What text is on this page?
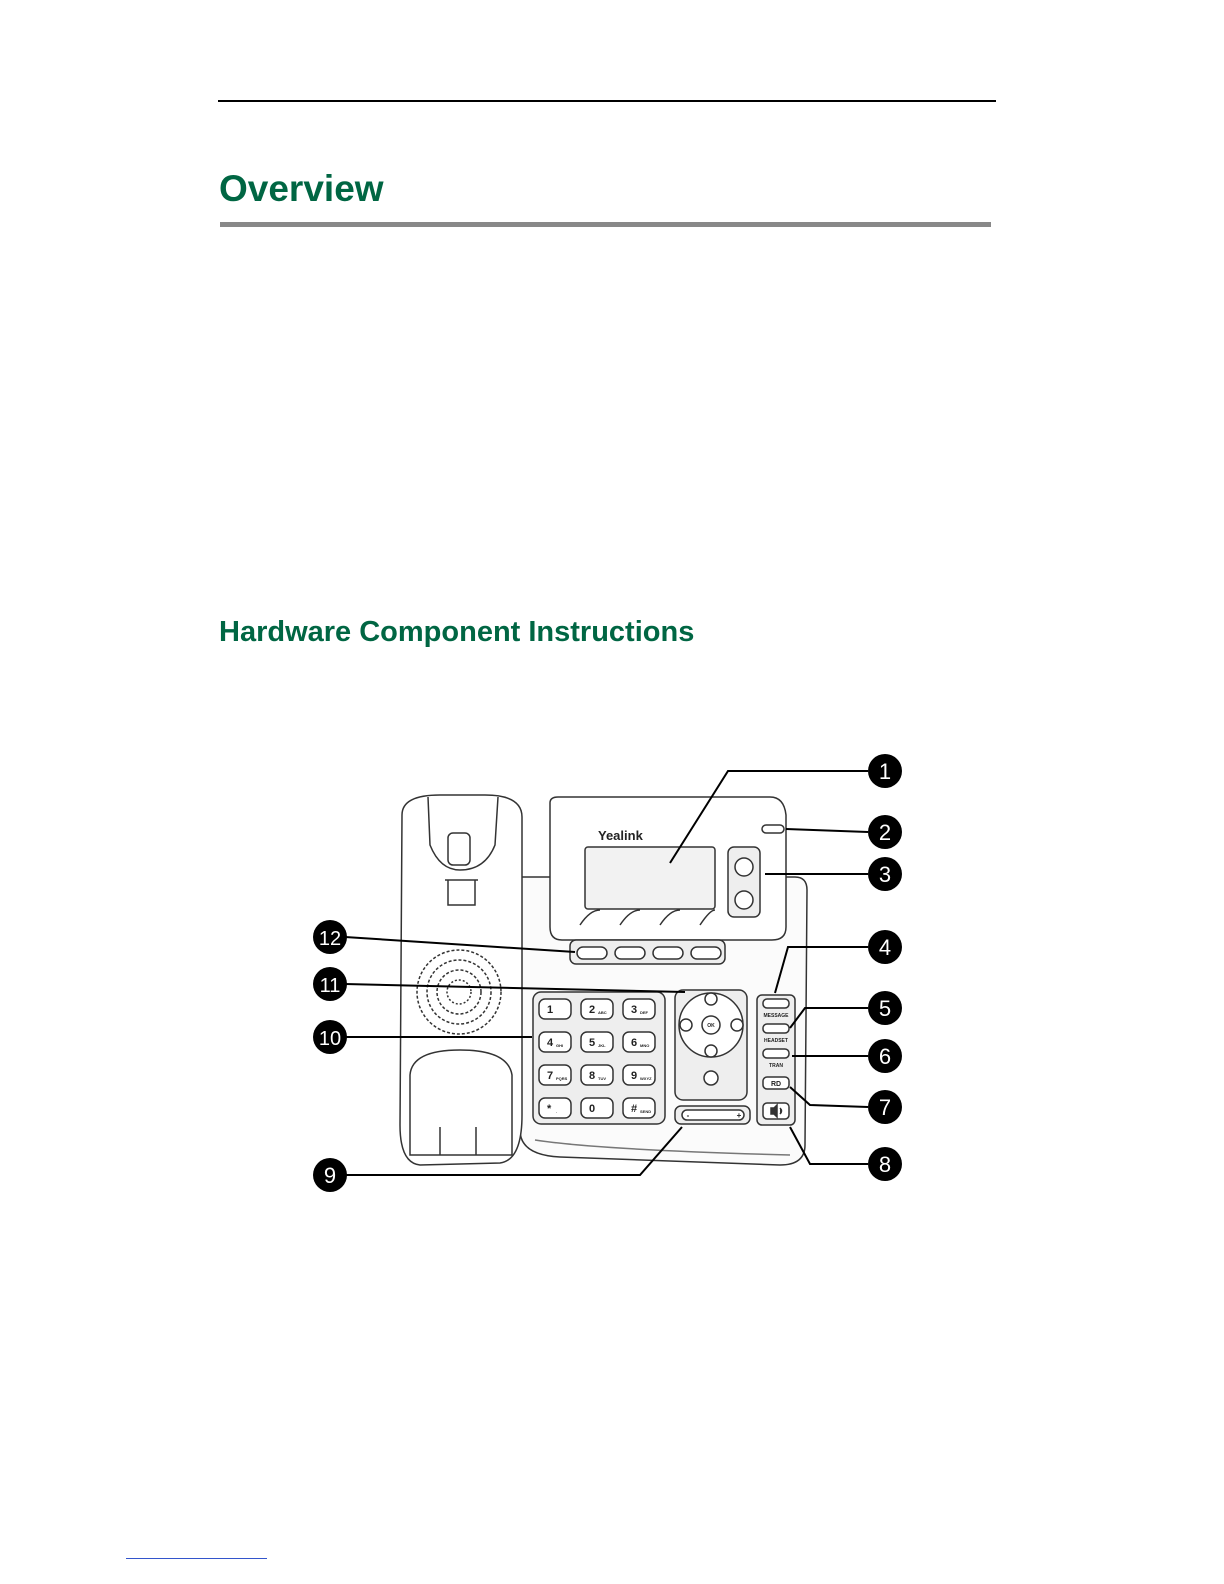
Overview
Hardware Component Instructions
Yealink
1	2 ABC 3 DEF
4 GHI 5 JKL 6 MNO
7 PQRS 8 TUV 9 WXYZ
* .	0	# SEND
MESSAGE
HEADSET
TRAN
RD
OK
-	+
1
2
3
4
5
6
7
8
9
10
11
12
